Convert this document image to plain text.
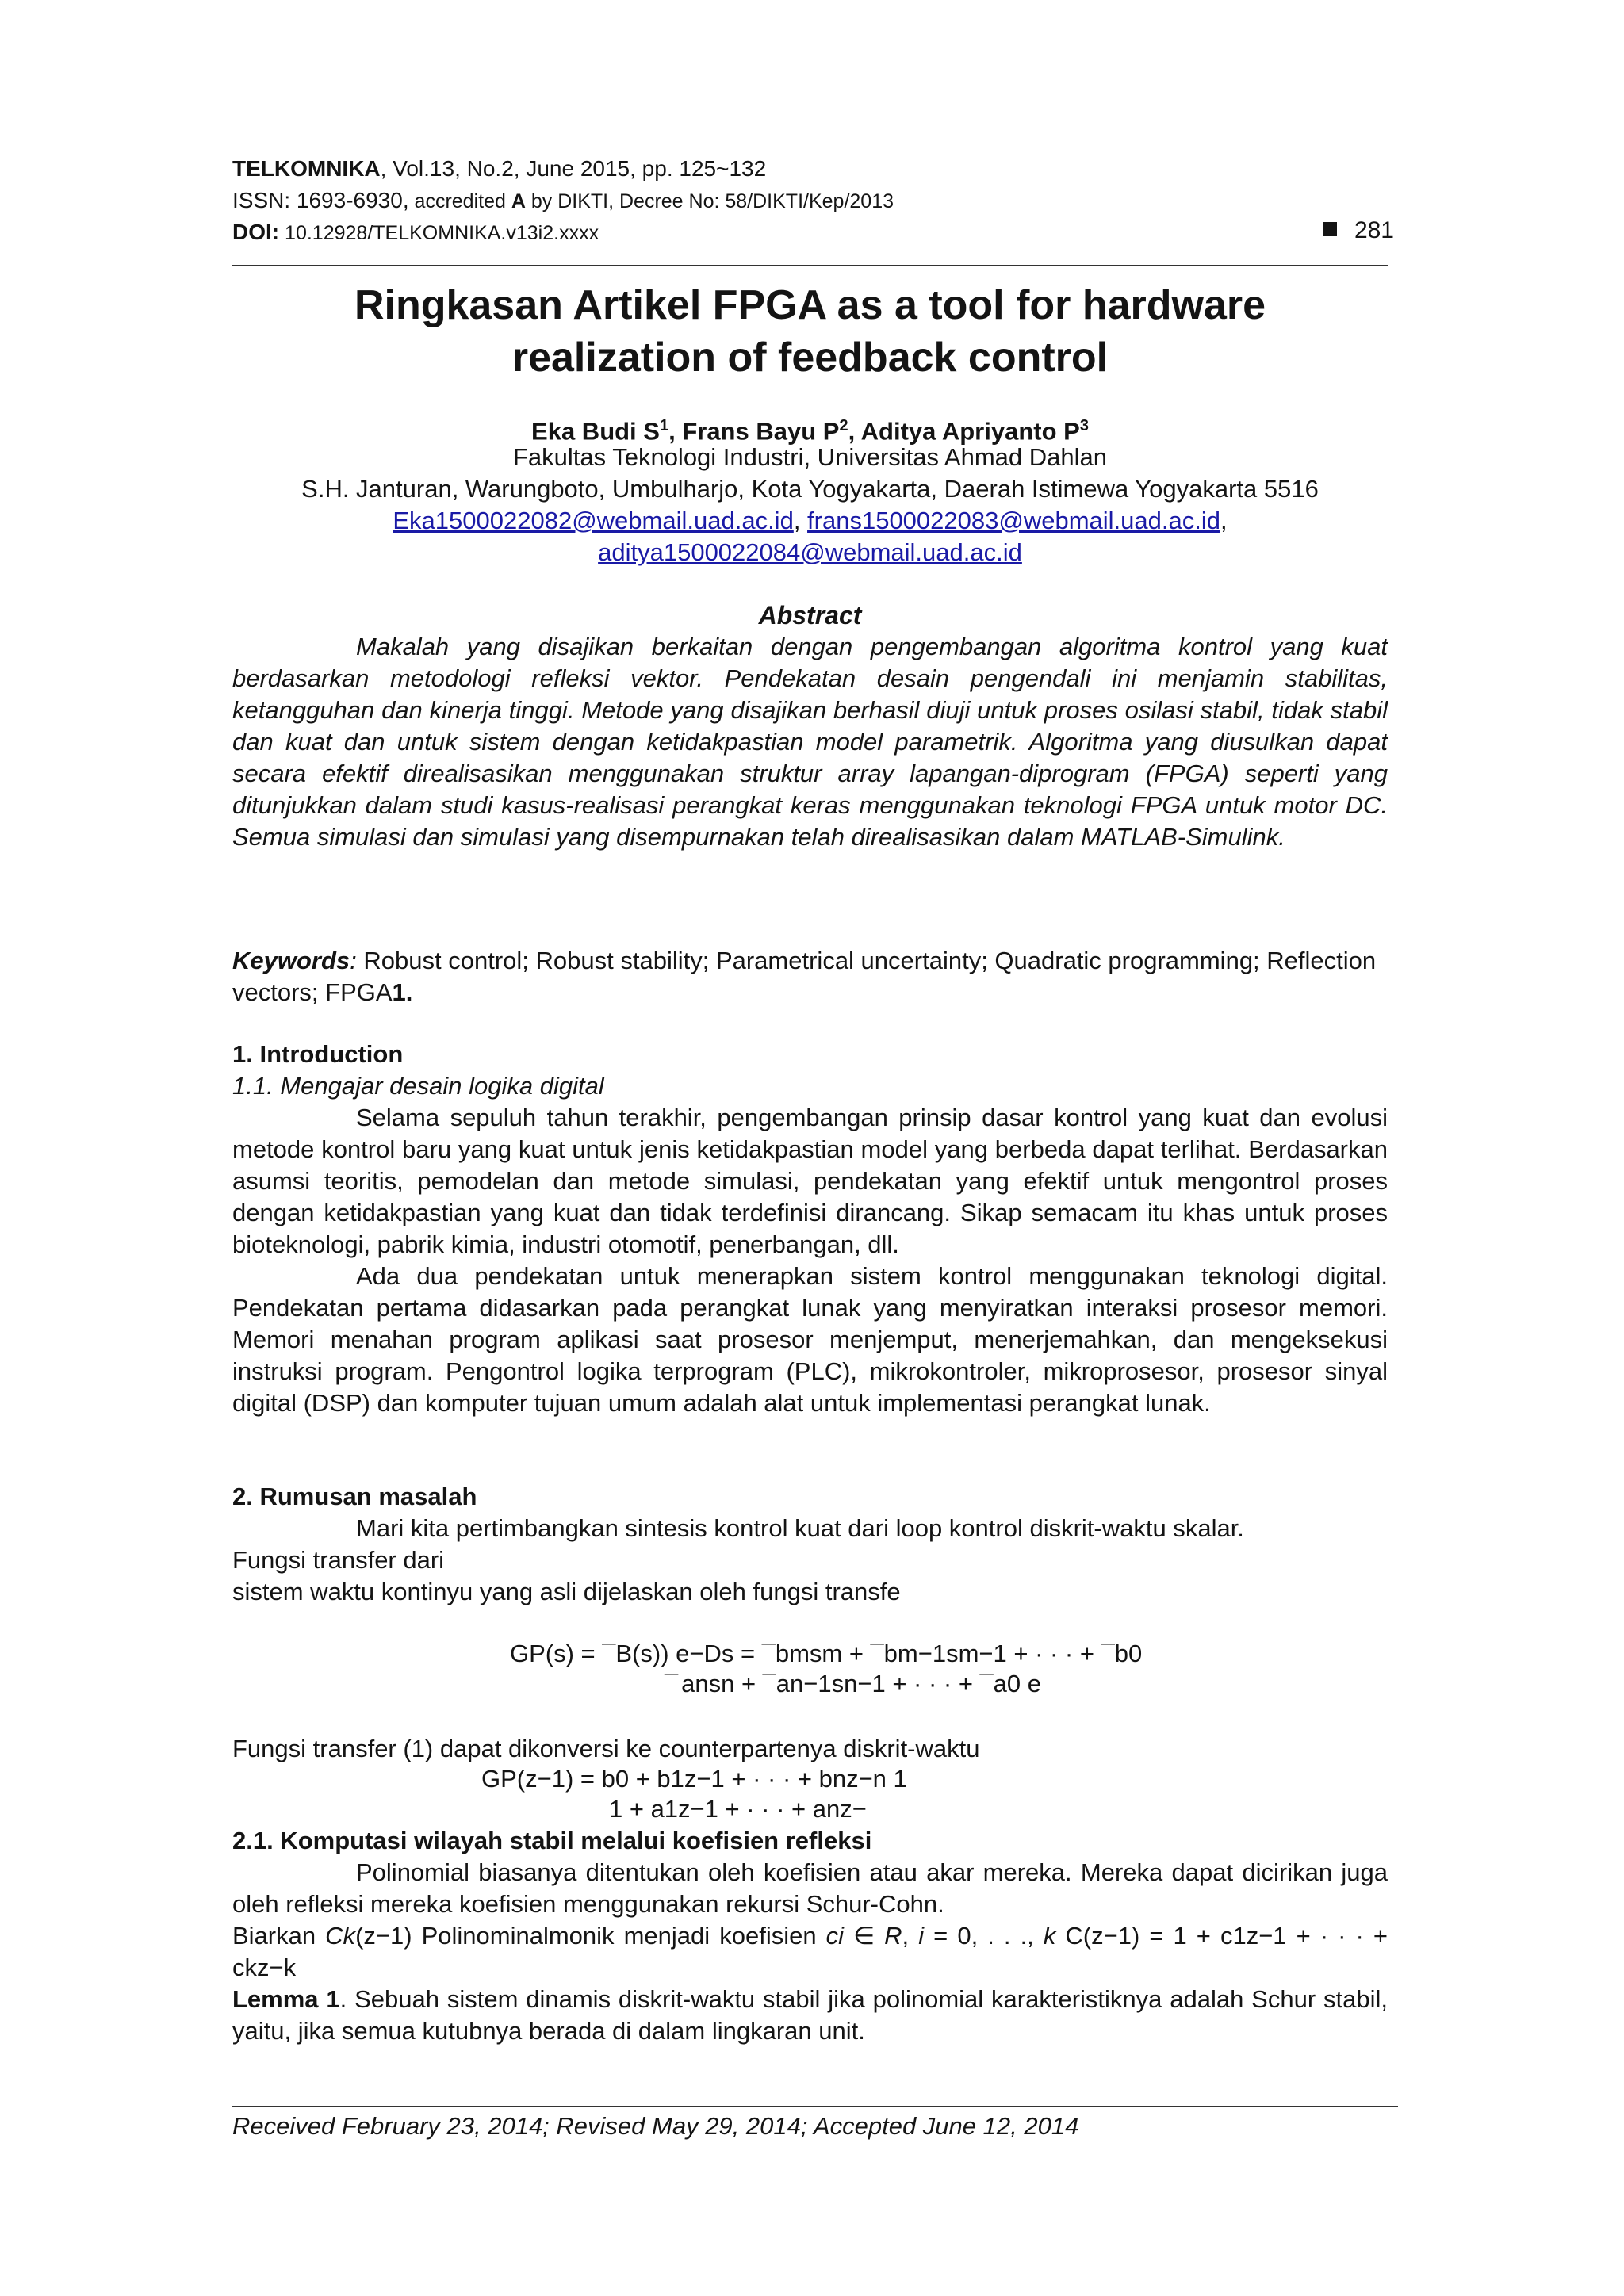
TELKOMNIKA, Vol.13, No.2, June 2015, pp. 125~132
ISSN: 1693-6930, accredited A by DIKTI, Decree No: 58/DIKTI/Kep/2013
DOI: 10.12928/TELKOMNIKA.v13i2.xxxx	281
Ringkasan Artikel FPGA as a tool for hardware
realization of feedback control
Eka Budi $S^1$, Frans Bayu $P^2$, Aditya Apriyanto $P^3$
Fakultas Teknologi Industri, Universitas Ahmad Dahlan
S.H. Janturan, Warungboto, Umbulharjo, Kota Yogyakarta, Daerah Istimewa Yogyakarta 5516
Eka1500022082@webmail.uad.ac.id, frans1500022083@webmail.uad.ac.id,
aditya1500022084@webmail.uad.ac.id
Abstract

Makalah yang disajikan berkaitan dengan pengembangan algoritma kontrol yang kuat berdasarkan metodologi refleksi vektor. Pendekatan desain pengendali ini menjamin stabilitas, ketangguhan dan kinerja tinggi. Metode yang disajikan berhasil diuji untuk proses osilasi stabil, tidak stabil dan kuat dan untuk sistem dengan ketidakpastian model parametrik. Algoritma yang diusulkan dapat secara efektif direalisasikan menggunakan struktur array lapangan-diprogram (FPGA) seperti yang ditunjukkan dalam studi kasus-realisasi perangkat keras menggunakan teknologi FPGA untuk motor DC. Semua simulasi dan simulasi yang disempurnakan telah direalisasikan dalam MATLAB-Simulink.

Keywords: Robust control; Robust stability; Parametrical uncertainty; Quadratic programming; Reflection vectors; FPGA1.
1. Introduction
1.1. Mengajar desain logika digital

Selama sepuluh tahun terakhir, pengembangan prinsip dasar kontrol yang kuat dan evolusi metode kontrol baru yang kuat untuk jenis ketidakpastian model yang berbeda dapat terlihat. Berdasarkan asumsi teoritis, pemodelan dan metode simulasi, pendekatan yang efektif untuk mengontrol proses dengan ketidakpastian yang kuat dan tidak terdefinisi dirancang. Sikap semacam itu khas untuk proses bioteknologi, pabrik kimia, industri otomotif, penerbangan, dll.

Ada dua pendekatan untuk menerapkan sistem kontrol menggunakan teknologi digital. Pendekatan pertama didasarkan pada perangkat lunak yang menyiratkan interaksi prosesor memori. Memori menahan program aplikasi saat prosesor menjemput, menerjemahkan, dan mengeksekusi instruksi program. Pengontrol logika terprogram (PLC), mikrokontroler, mikroprosesor, prosesor sinyal digital (DSP) dan komputer tujuan umum adalah alat untuk implementasi perangkat lunak.

2. Rumusan masalah

Mari kita pertimbangkan sintesis kontrol kuat dari loop kontrol diskrit-waktu skalar.

Fungsi transfer dari

sistem waktu kontinyu yang asli dijelaskan oleh fungsi transfe

GP(s) = ¯B(s)) e−Ds = ¯bmsm + ¯bm−1sm−1 + · · · + ¯b0
¯ ansn + ¯an−1sn−1 + · · · + ¯a0 e

Fungsi transfer (1) dapat dikonversi ke counterpartenya diskrit-waktu

GP(z−1) = b0 + b1z−1 + · · · + bnz−n 1
1 + a1z−1 + · · · + anz−
2.1. Komputasi wilayah stabil melalui koefisien refleksi

Polinomial biasanya ditentukan oleh koefisien atau akar mereka. Mereka dapat dicirikan juga oleh refleksi mereka koefisien menggunakan rekursi Schur-Cohn.

Biarkan Ck(z−1) Polinominalmonik menjadi koefisien ci ∈ R, i = 0, . . ., k C(z−1) = 1 + c1z−1 + · · · + ckz−k

Lemma 1. Sebuah sistem dinamis diskrit-waktu stabil jika polinomial karakteristiknya adalah Schur stabil, yaitu, jika semua kutubnya berada di dalam lingkaran unit.

Received February 23, 2014; Revised May 29, 2014; Accepted June 12, 2014
